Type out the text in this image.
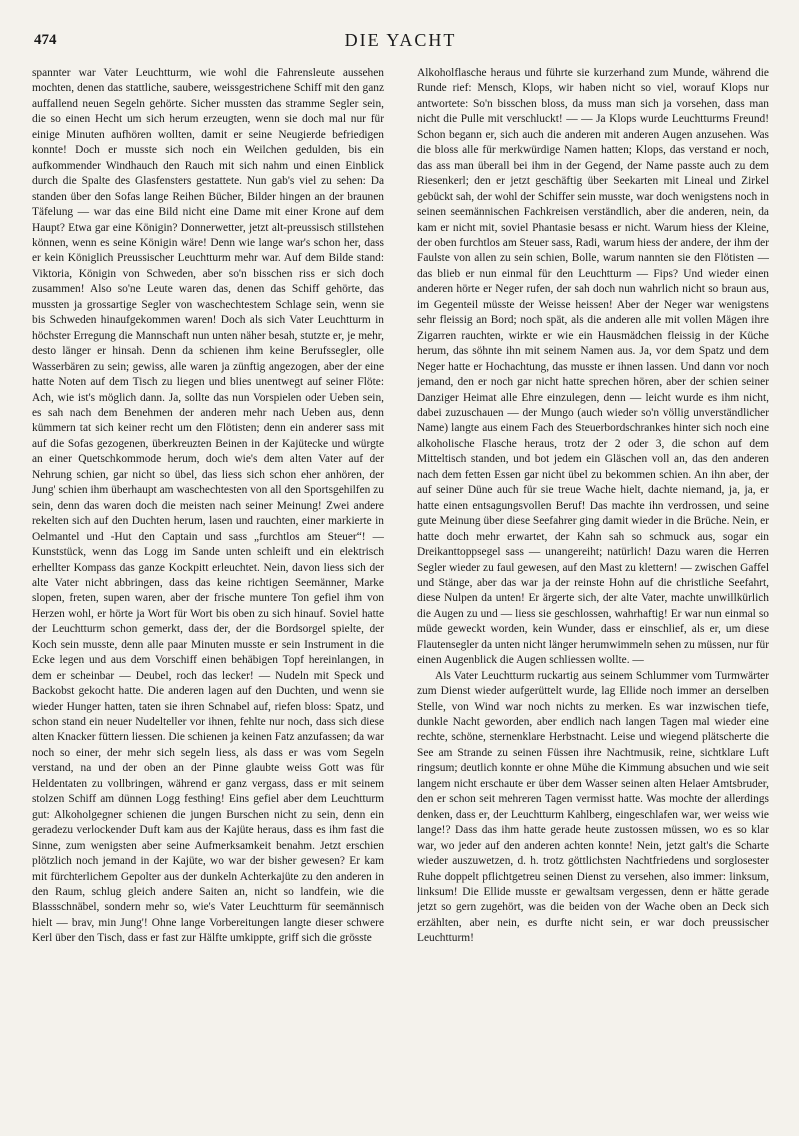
474	DIE YACHT

spannter war Vater Leuchtturm, wie wohl die Fahrensleute aussehen mochten, denen das stattliche, saubere, weissgestrichene Schiff mit den ganz auffallend neuen Segeln gehörte. Sicher mussten das stramme Segler sein, die so einen Hecht um sich herum erzeugten, wenn sie doch mal nur für einige Minuten aufhören wollten, damit er seine Neugierde befriedigen konnte! Doch er musste sich noch ein Weilchen gedulden, bis ein aufkommender Windhauch den Rauch mit sich nahm und einen Einblick durch die Spalte des Glasfensters gestattete. Nun gab's viel zu sehen: Da standen über den Sofas lange Reihen Bücher, Bilder hingen an der braunen Täfelung — war das eine Bild nicht eine Dame mit einer Krone auf dem Haupt? Etwa gar eine Königin? Donnerwetter, jetzt alt-preussisch stillstehen können, wenn es seine Königin wäre! Denn wie lange war's schon her, dass er kein Königlich Preussischer Leuchtturm mehr war. Auf dem Bilde stand: Viktoria, Königin von Schweden, aber so'n bisschen riss er sich doch zusammen! Also so'ne Leute waren das, denen das Schiff gehörte, das mussten ja grossartige Segler von waschechtestem Schlage sein, wenn sie bis Schweden hinaufgekommen waren! Doch als sich Vater Leuchtturm in höchster Erregung die Mannschaft nun unten näher besah, stutzte er, je mehr, desto länger er hinsah. Denn da schienen ihm keine Berufssegler, olle Wasserbären zu sein; gewiss, alle waren ja zünftig angezogen, aber der eine hatte Noten auf dem Tisch zu liegen und blies unentwegt auf seiner Flöte: Ach, wie ist's möglich dann. Ja, sollte das nun Vorspielen oder Ueben sein, es sah nach dem Benehmen der anderen mehr nach Ueben aus, denn kümmern tat sich keiner recht um den Flötisten; denn ein anderer sass mit auf die Sofas gezogenen, überkreuzten Beinen in der Kajütecke und würgte an einer Quetschkommode herum, doch wie's dem alten Vater auf der Nehrung schien, gar nicht so übel, das liess sich schon eher anhören, der Jung' schien ihm überhaupt am waschechtesten von all den Sportsgehilfen zu sein, denn das waren doch die meisten nach seiner Meinung! Zwei andere rekelten sich auf den Duchten herum, lasen und rauchten, einer markierte in Oelmantel und -Hut den Captain und sass „furchtlos am Steuer“! — Kunststück, wenn das Logg im Sande unten schleift und ein elektrisch erhellter Kompass das ganze Kockpitt erleuchtet. Nein, davon liess sich der alte Vater nicht abbringen, dass das keine richtigen Seemänner, Marke slopen, freten, supen waren, aber der frische muntere Ton gefiel ihm von Herzen wohl, er hörte ja Wort für Wort bis oben zu sich hinauf. Soviel hatte der Leuchtturm schon gemerkt, dass der, der die Bordsorgel spielte, der Koch sein musste, denn alle paar Minuten musste er sein Instrument in die Ecke legen und aus dem Vorschiff einen behäbigen Topf hereinlangen, in dem er scheinbar — Deubel, roch das lecker! — Nudeln mit Speck und Backobst gekocht hatte. Die anderen lagen auf den Duchten, und wenn sie wieder Hunger hatten, taten sie ihren Schnabel auf, riefen bloss: Spatz, und schon stand ein neuer Nudelteller vor ihnen, fehlte nur noch, dass sich diese alten Knacker füttern liessen. Die schienen ja keinen Fatz anzufassen; da war noch so einer, der mehr sich segeln liess, als dass er was vom Segeln verstand, na und der oben an der Pinne glaubte weiss Gott was für Heldentaten zu vollbringen, während er ganz vergass, dass er mit seinem stolzen Schiff am dünnen Logg festhing! Eins gefiel aber dem Leuchtturm gut: Alkoholgegner schienen die jungen Burschen nicht zu sein, denn ein geradezu verlockender Duft kam aus der Kajüte heraus, dass es ihm fast die Sinne, zum wenigsten aber seine Aufmerksamkeit benahm. Jetzt erschien plötzlich noch jemand in der Kajüte, wo war der bisher gewesen? Er kam mit fürchterlichem Gepolter aus der dunkeln Achterkajüte zu den anderen in den Raum, schlug gleich andere Saiten an, nicht so landfein, wie die Blassschnäbel, sondern mehr so, wie's Vater Leuchtturm für seemännisch hielt — brav, min Jung'! Ohne lange Vorbereitungen langte dieser schwere Kerl über den Tisch, dass er fast zur Hälfte umkippte, griff sich die grösste

Alkoholflasche heraus und führte sie kurzerhand zum Munde, während die Runde rief: Mensch, Klops, wir haben nicht so viel, worauf Klops nur antwortete: So'n bisschen bloss, da muss man sich ja vorsehen, dass man nicht die Pulle mit verschluckt! — — Ja Klops wurde Leuchtturms Freund! Schon begann er, sich auch die anderen mit anderen Augen anzusehen. Was die bloss alle für merkwürdige Namen hatten; Klops, das verstand er noch, das ass man überall bei ihm in der Gegend, der Name passte auch zu dem Riesenkerl; den er jetzt geschäftig über Seekarten mit Lineal und Zirkel gebückt sah, der wohl der Schiffer sein musste, war doch wenigstens noch in seinen seemännischen Fachkreisen verständlich, aber die anderen, nein, da kam er nicht mit, soviel Phantasie besass er nicht. Warum hiess der Kleine, der oben furchtlos am Steuer sass, Radi, warum hiess der andere, der ihm der Faulste von allen zu sein schien, Bolle, warum nannten sie den Flötisten — das blieb er nun einmal für den Leuchtturm — Fips? Und wieder einen anderen hörte er Neger rufen, der sah doch nun wahrlich nicht so braun aus, im Gegenteil müsste der Weisse heissen! Aber der Neger war wenigstens sehr fleissig an Bord; noch spät, als die anderen alle mit vollen Mägen ihre Zigarren rauchten, wirkte er wie ein Hausmädchen fleissig in der Küche herum, das söhnte ihn mit seinem Namen aus. Ja, vor dem Spatz und dem Neger hatte er Hochachtung, das musste er ihnen lassen. Und dann vor noch jemand, den er noch gar nicht hatte sprechen hören, aber der schien seiner Danziger Heimat alle Ehre einzulegen, denn — leicht wurde es ihm nicht, dabei zuzuschauen — der Mungo (auch wieder so'n völlig unverständlicher Name) langte aus einem Fach des Steuerbordschrankes hinter sich noch eine alkoholische Flasche heraus, trotz der 2 oder 3, die schon auf dem Mitteltisch standen, und bot jedem ein Gläschen voll an, das den anderen nach dem fetten Essen gar nicht übel zu bekommen schien. An ihn aber, der auf seiner Düne auch für sie treue Wache hielt, dachte niemand, ja, ja, er hatte einen entsagungsvollen Beruf! Das machte ihn verdrossen, und seine gute Meinung über diese Seefahrer ging damit wieder in die Brüche. Nein, er hatte doch mehr erwartet, der Kahn sah so schmuck aus, sogar ein Dreikanttoppsegel sass — unangereiht; natürlich! Dazu waren die Herren Segler wieder zu faul gewesen, auf den Mast zu klettern! — zwischen Gaffel und Stänge, aber das war ja der reinste Hohn auf die christliche Seefahrt, diese Nulpen da unten! Er ärgerte sich, der alte Vater, machte unwillkürlich die Augen zu und — liess sie geschlossen, wahrhaftig! Er war nun einmal so müde geweckt worden, kein Wunder, dass er einschlief, als er, um diese Flautensegler da unten nicht länger herumwimmeln sehen zu müssen, nur für einen Augenblick die Augen schliessen wollte. —

Als Vater Leuchtturm ruckartig aus seinem Schlummer vom Turmwärter zum Dienst wieder aufgerüttelt wurde, lag Ellide noch immer an derselben Stelle, von Wind war noch nichts zu merken. Es war inzwischen tiefe, dunkle Nacht geworden, aber endlich nach langen Tagen mal wieder eine rechte, schöne, sternenklare Herbstnacht. Leise und wiegend plätscherte die See am Strande zu seinen Füssen ihre Nachtmusik, reine, sichtklare Luft ringsum; deutlich konnte er ohne Mühe die Kimmung absuchen und wie seit langem nicht erschaute er über dem Wasser seinen alten Helaer Amtsbruder, den er schon seit mehreren Tagen vermisst hatte. Was mochte der allerdings denken, dass er, der Leuchtturm Kahlberg, eingeschlafen war, wer weiss wie lange!? Dass das ihm hatte gerade heute zustossen müssen, wo es so klar war, wo jeder auf den anderen achten konnte! Nein, jetzt galt's die Scharte wieder auszuwetzen, d. h. trotz göttlichsten Nachtfriedens und sorglosester Ruhe doppelt pflichtgetreu seinen Dienst zu versehen, also immer: linksum, linksum! Die Ellide musste er gewaltsam vergessen, denn er hätte gerade jetzt so gern zugehört, was die beiden von der Wache oben an Deck sich erzählten, aber nein, es durfte nicht sein, er war doch preussischer Leuchtturm!
